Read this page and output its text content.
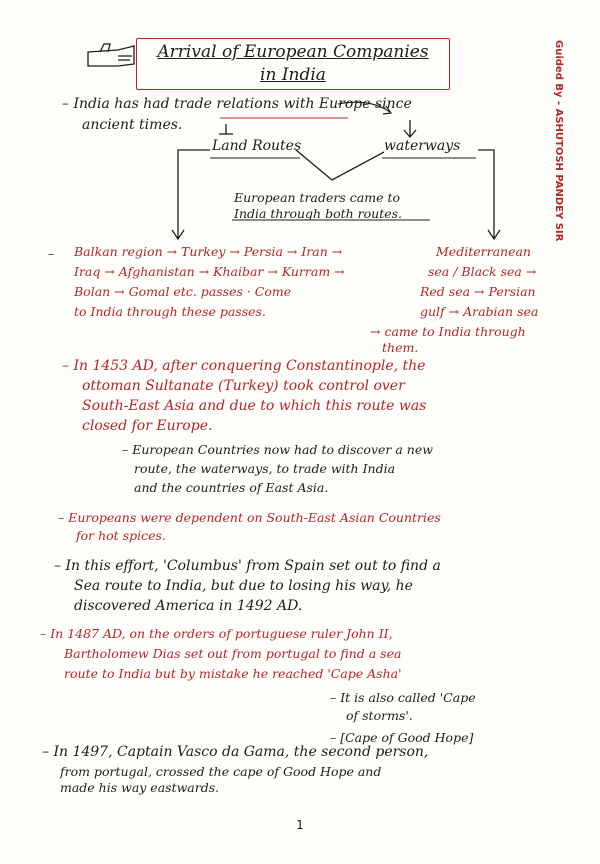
Arrival of European Companies
in India	Guided By - ASHUTOSH PANDEY SIR
– India has had trade relations with Europe since
ancient times.
Land Routes	waterways
European traders came to
India through both routes.
– Balkan region → Turkey → Persia → Iran →
Iraq → Afghanistan → Khaibar → Kurram →
Bolan → Gomal etc. passes · Come
to India through these passes.
Mediterranean
sea / Black sea →
Red sea → Persian
gulf → Arabian sea
→ came to India through
them.
– In 1453 AD, after conquering Constantinople, the
ottoman Sultanate (Turkey) took control over
South-East Asia and due to which this route was
closed for Europe.
– European Countries now had to discover a new
route, the waterways, to trade with India
and the countries of East Asia.
– Europeans were dependent on South-East Asian Countries
for hot spices.
– In this effort, 'Columbus' from Spain set out to find a
Sea route to India, but due to losing his way, he
discovered America in 1492 AD.
– In 1487 AD, on the orders of portuguese ruler John II,
Bartholomew Dias set out from portugal to find a sea
route to India but by mistake he reached 'Cape Asha'
– It is also called 'Cape
of storms'.
– [Cape of Good Hope]
– In 1497, Captain Vasco da Gama, the second person,
from portugal, crossed the cape of Good Hope and
made his way eastwards.
1
